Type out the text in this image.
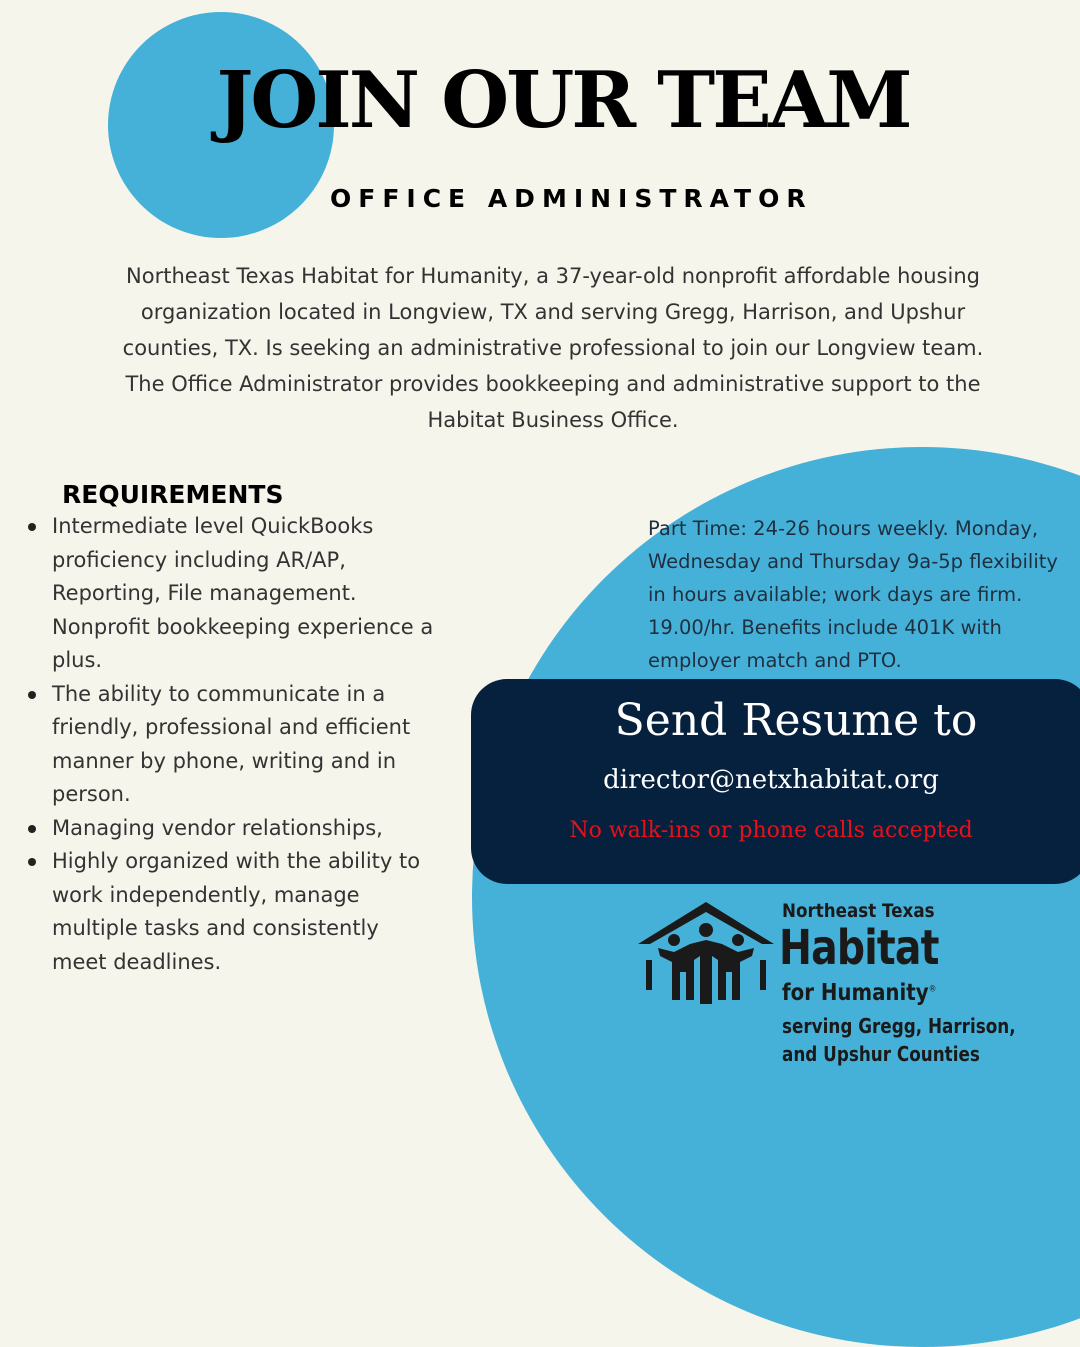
JOIN OUR TEAM
OFFICE ADMINISTRATOR
Northeast Texas Habitat for Humanity, a 37-year-old nonprofit affordable housing organization located in Longview, TX and serving Gregg, Harrison, and Upshur counties, TX. Is seeking an administrative professional to join our Longview team. The Office Administrator provides bookkeeping and administrative support to the Habitat Business Office.
REQUIREMENTS
Intermediate level QuickBooks proficiency including AR/AP, Reporting, File management. Nonprofit bookkeeping experience a plus.
The ability to communicate in a friendly, professional and efficient manner by phone, writing and in person.
Managing vendor relationships,
Highly organized with the ability to work independently, manage multiple tasks and consistently meet deadlines.
Part Time: 24-26 hours weekly. Monday, Wednesday and Thursday 9a-5p flexibility in hours available; work days are firm. 19.00/hr. Benefits include 401K with employer match and PTO.
Send Resume to
director@netxhabitat.org
No walk-ins or phone calls accepted
Northeast Texas
Habitat
for Humanity®
serving Gregg, Harrison,
and Upshur Counties
